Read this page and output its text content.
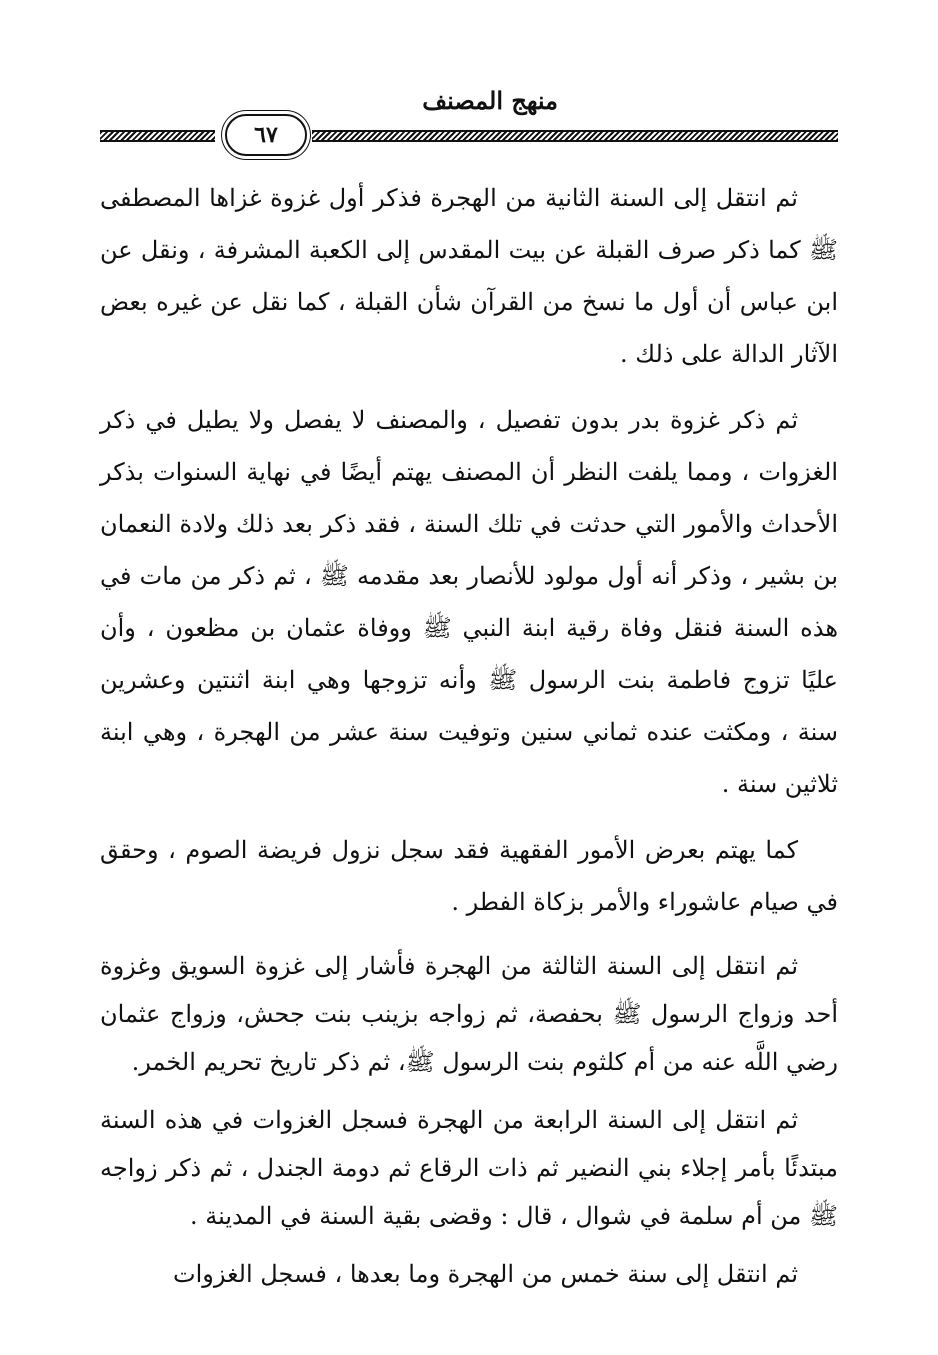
منهج المصنف
٦٧

ثم انتقل إلى السنة الثانية من الهجرة فذكر أول غزوة غزاها المصطفى ﷺ كما ذكر صرف القبلة عن بيت المقدس إلى الكعبة المشرفة ، ونقل عن ابن عباس أن أول ما نسخ من القرآن شأن القبلة ، كما نقل عن غيره بعض الآثار الدالة على ذلك .

ثم ذكر غزوة بدر بدون تفصيل ، والمصنف لا يفصل ولا يطيل في ذكر الغزوات ، ومما يلفت النظر أن المصنف يهتم أيضًا في نهاية السنوات بذكر الأحداث والأمور التي حدثت في تلك السنة ، فقد ذكر بعد ذلك ولادة النعمان بن بشير ، وذكر أنه أول مولود للأنصار بعد مقدمه ﷺ ، ثم ذكر من مات في هذه السنة فنقل وفاة رقية ابنة النبي ﷺ ووفاة عثمان بن مظعون ، وأن عليًا تزوج فاطمة بنت الرسول ﷺ وأنه تزوجها وهي ابنة اثنتين وعشرين سنة ، ومكثت عنده ثماني سنين وتوفيت سنة عشر من الهجرة ، وهي ابنة ثلاثين سنة .

كما يهتم بعرض الأمور الفقهية فقد سجل نزول فريضة الصوم ، وحقق في صيام عاشوراء والأمر بزكاة الفطر .

ثم انتقل إلى السنة الثالثة من الهجرة فأشار إلى غزوة السويق وغزوة أحد وزواج الرسول ﷺ بحفصة، ثم زواجه بزينب بنت جحش، وزواج عثمان رضي اللَّه عنه من أم كلثوم بنت الرسول ﷺ، ثم ذكر تاريخ تحريم الخمر.

ثم انتقل إلى السنة الرابعة من الهجرة فسجل الغزوات في هذه السنة مبتدئًا بأمر إجلاء بني النضير ثم ذات الرقاع ثم دومة الجندل ، ثم ذكر زواجه ﷺ من أم سلمة في شوال ، قال : وقضى بقية السنة في المدينة .

ثم انتقل إلى سنة خمس من الهجرة وما بعدها ، فسجل الغزوات
